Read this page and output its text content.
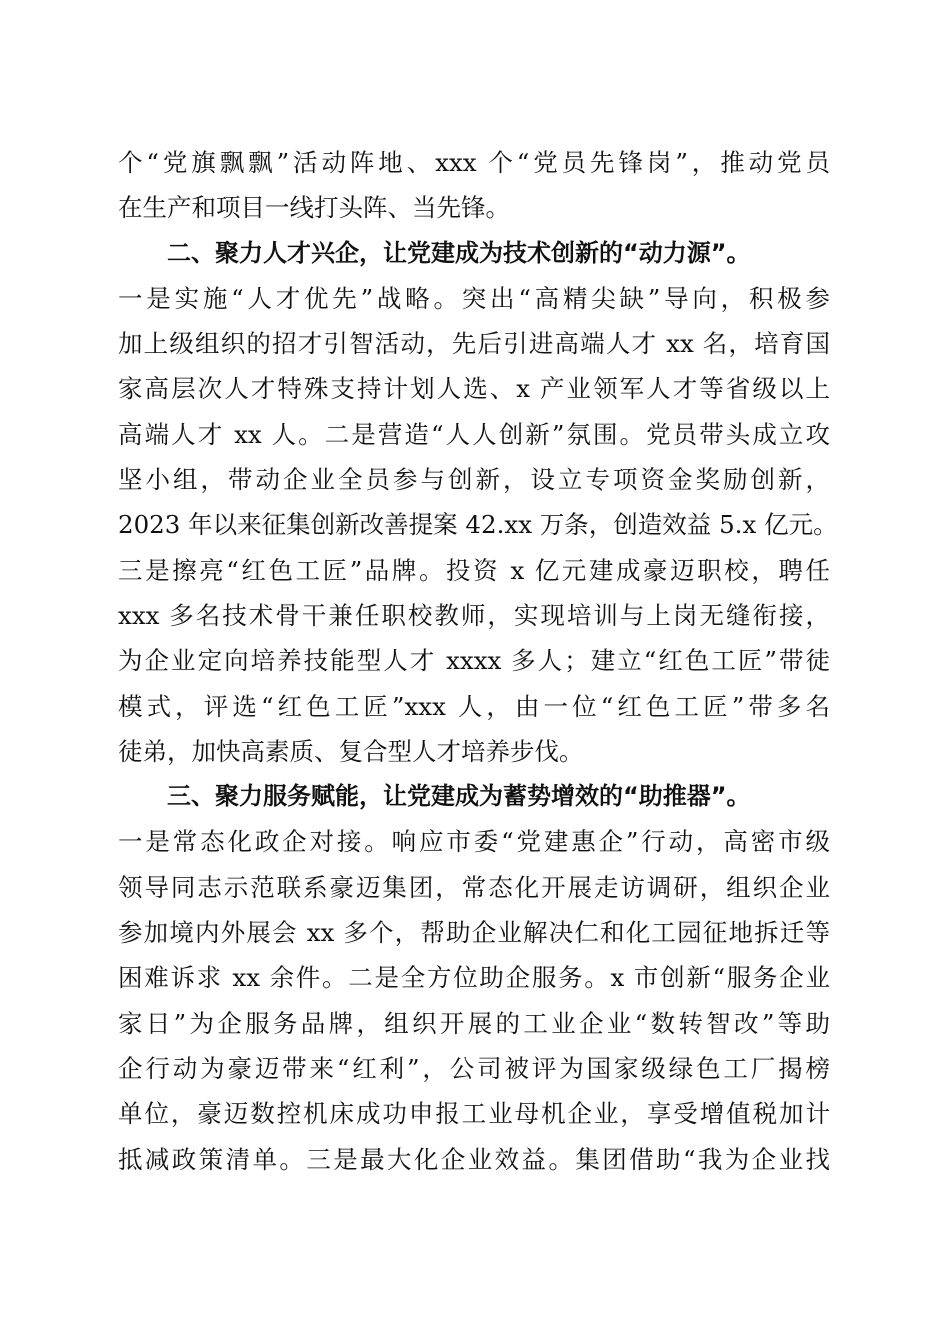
个“党旗飘飘”活动阵地、xxx 个“党员先锋岗”，推动党员
在生产和项目一线打头阵、当先锋。
二、聚力人才兴企，让党建成为技术创新的“动力源”。
一是实施“人才优先”战略。突出“高精尖缺”导向，积极参
加上级组织的招才引智活动，先后引进高端人才 xx 名，培育国
家高层次人才特殊支持计划人选、x 产业领军人才等省级以上
高端人才 xx 人。二是营造“人人创新”氛围。党员带头成立攻
坚小组，带动企业全员参与创新，设立专项资金奖励创新，
2023 年以来征集创新改善提案 42.xx 万条，创造效益 5.x 亿元。
三是擦亮“红色工匠”品牌。投资 x 亿元建成豪迈职校，聘任
xxx 多名技术骨干兼任职校教师，实现培训与上岗无缝衔接，
为企业定向培养技能型人才 xxxx 多人；建立“红色工匠”带徒
模式，评选“红色工匠”xxx 人，由一位“红色工匠”带多名
徒弟，加快高素质、复合型人才培养步伐。
三、聚力服务赋能，让党建成为蓄势增效的“助推器”。
一是常态化政企对接。响应市委“党建惠企”行动，高密市级
领导同志示范联系豪迈集团，常态化开展走访调研，组织企业
参加境内外展会 xx 多个，帮助企业解决仁和化工园征地拆迁等
困难诉求 xx 余件。二是全方位助企服务。x 市创新“服务企业
家日”为企服务品牌，组织开展的工业企业“数转智改”等助
企行动为豪迈带来“红利”，公司被评为国家级绿色工厂揭榜
单位，豪迈数控机床成功申报工业母机企业，享受增值税加计
抵减政策清单。三是最大化企业效益。集团借助“我为企业找
